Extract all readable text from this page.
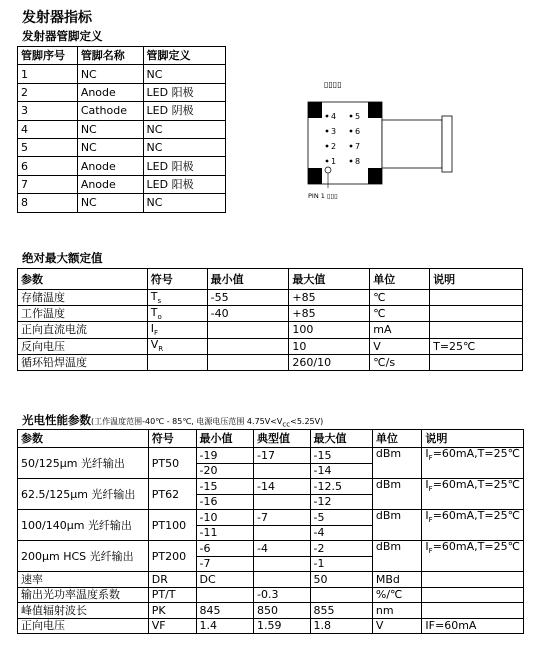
发射器指标
发射器管脚定义
管脚序号	管脚名称	管脚定义
1	NC	NC
2	Anode	LED 阳极
3	Cathode	LED 阴极
4	NC	NC
5	NC	NC
6	Anode	LED 阳极
7	Anode	LED 阳极
8	NC	NC
▯▯▯▯
4 5
3 6
2 7
1 8
PIN 1 ▯▯▯
绝对最大额定值
参数	符号	最小值	最大值	单位	说明
存储温度	$T_s$	-55	+85	℃	
工作温度	$T_o$	-40	+85	℃	
正向直流电流	$I_F$		100	mA	
反向电压	$V_R$		10	V	T=25℃
循环铅焊温度			260/10	℃/s	
光电性能参数(工作温度范围-40℃ - 85℃, 电源电压范围 $4.75V<V_{cc}<5.25V$)
参数	符号	最小值	典型值	最大值	单位	说明
50/125µm 光纤输出	PT50	-19	-17	-15	dBm	$I_F=60mA,T=25℃$
		-20		-14		
62.5/125µm 光纤输出	PT62	-15	-14	-12.5	dBm	$I_F=60mA,T=25℃$
		-16		-12		
100/140µm 光纤输出	PT100	-10	-7	-5	dBm	$I_F=60mA,T=25℃$
		-11		-4		
200µm HCS 光纤输出	PT200	-6	-4	-2	dBm	$I_F=60mA,T=25℃$
		-7		-1		
速率	DR	DC		50	MBd	
输出光功率温度系数	PT/T		-0.3		%/℃	
峰值辐射波长	PK	845	850	855	nm	
正向电压	VF	1.4	1.59	1.8	V	IF=60mA
